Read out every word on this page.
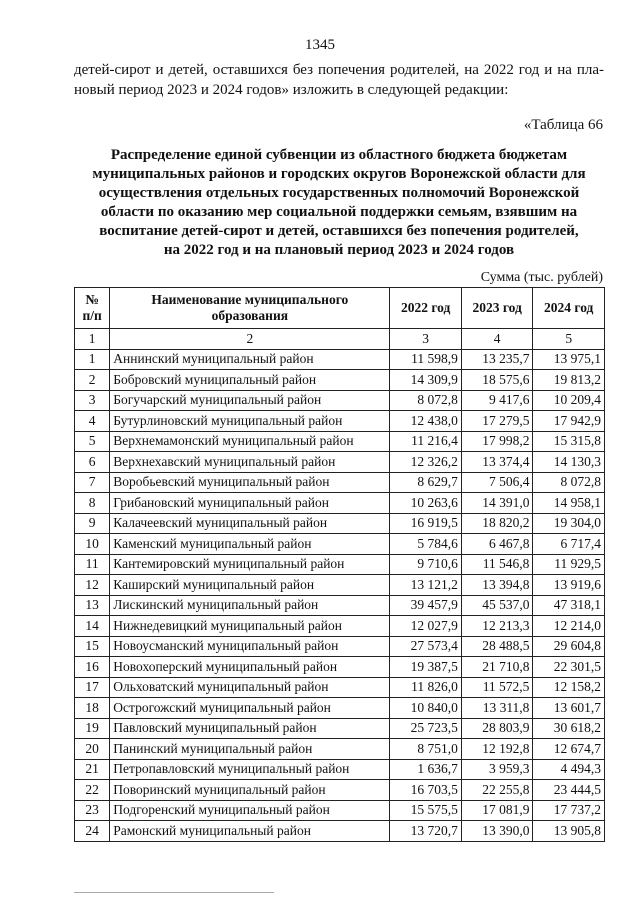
1345
детей-сирот и детей, оставшихся без попечения родителей, на 2022 год и на пла-
новый период 2023 и 2024 годов» изложить в следующей редакции:
«Таблица 66
Распределение единой субвенции из областного бюджета бюджетам
муниципальных районов и городских округов Воронежской области для
осуществления отдельных государственных полномочий Воронежской
области по оказанию мер социальной поддержки семьям, взявшим на
воспитание детей-сирот и детей, оставшихся без попечения родителей,
на 2022 год и на плановый период 2023 и 2024 годов
Сумма (тыс. рублей)
№ п/п	Наименование муниципального образования	2022 год	2023 год	2024 год
1	2	3	4	5
1	Аннинский муниципальный район	11 598,9	13 235,7	13 975,1
2	Бобровский муниципальный район	14 309,9	18 575,6	19 813,2
3	Богучарский муниципальный район	8 072,8	9 417,6	10 209,4
4	Бутурлиновский муниципальный район	12 438,0	17 279,5	17 942,9
5	Верхнемамонский муниципальный район	11 216,4	17 998,2	15 315,8
6	Верхнехавский муниципальный район	12 326,2	13 374,4	14 130,3
7	Воробьевский муниципальный район	8 629,7	7 506,4	8 072,8
8	Грибановский муниципальный район	10 263,6	14 391,0	14 958,1
9	Калачеевский муниципальный район	16 919,5	18 820,2	19 304,0
10	Каменский муниципальный район	5 784,6	6 467,8	6 717,4
11	Кантемировский муниципальный район	9 710,6	11 546,8	11 929,5
12	Каширский муниципальный район	13 121,2	13 394,8	13 919,6
13	Лискинский муниципальный район	39 457,9	45 537,0	47 318,1
14	Нижнедевицкий муниципальный район	12 027,9	12 213,3	12 214,0
15	Новоусманский муниципальный район	27 573,4	28 488,5	29 604,8
16	Новохоперский муниципальный район	19 387,5	21 710,8	22 301,5
17	Ольховатский муниципальный район	11 826,0	11 572,5	12 158,2
18	Острогожский муниципальный район	10 840,0	13 311,8	13 601,7
19	Павловский муниципальный район	25 723,5	28 803,9	30 618,2
20	Панинский муниципальный район	8 751,0	12 192,8	12 674,7
21	Петропавловский муниципальный район	1 636,7	3 959,3	4 494,3
22	Поворинский муниципальный район	16 703,5	22 255,8	23 444,5
23	Подгоренский муниципальный район	15 575,5	17 081,9	17 737,2
24	Рамонский муниципальный район	13 720,7	13 390,0	13 905,8
